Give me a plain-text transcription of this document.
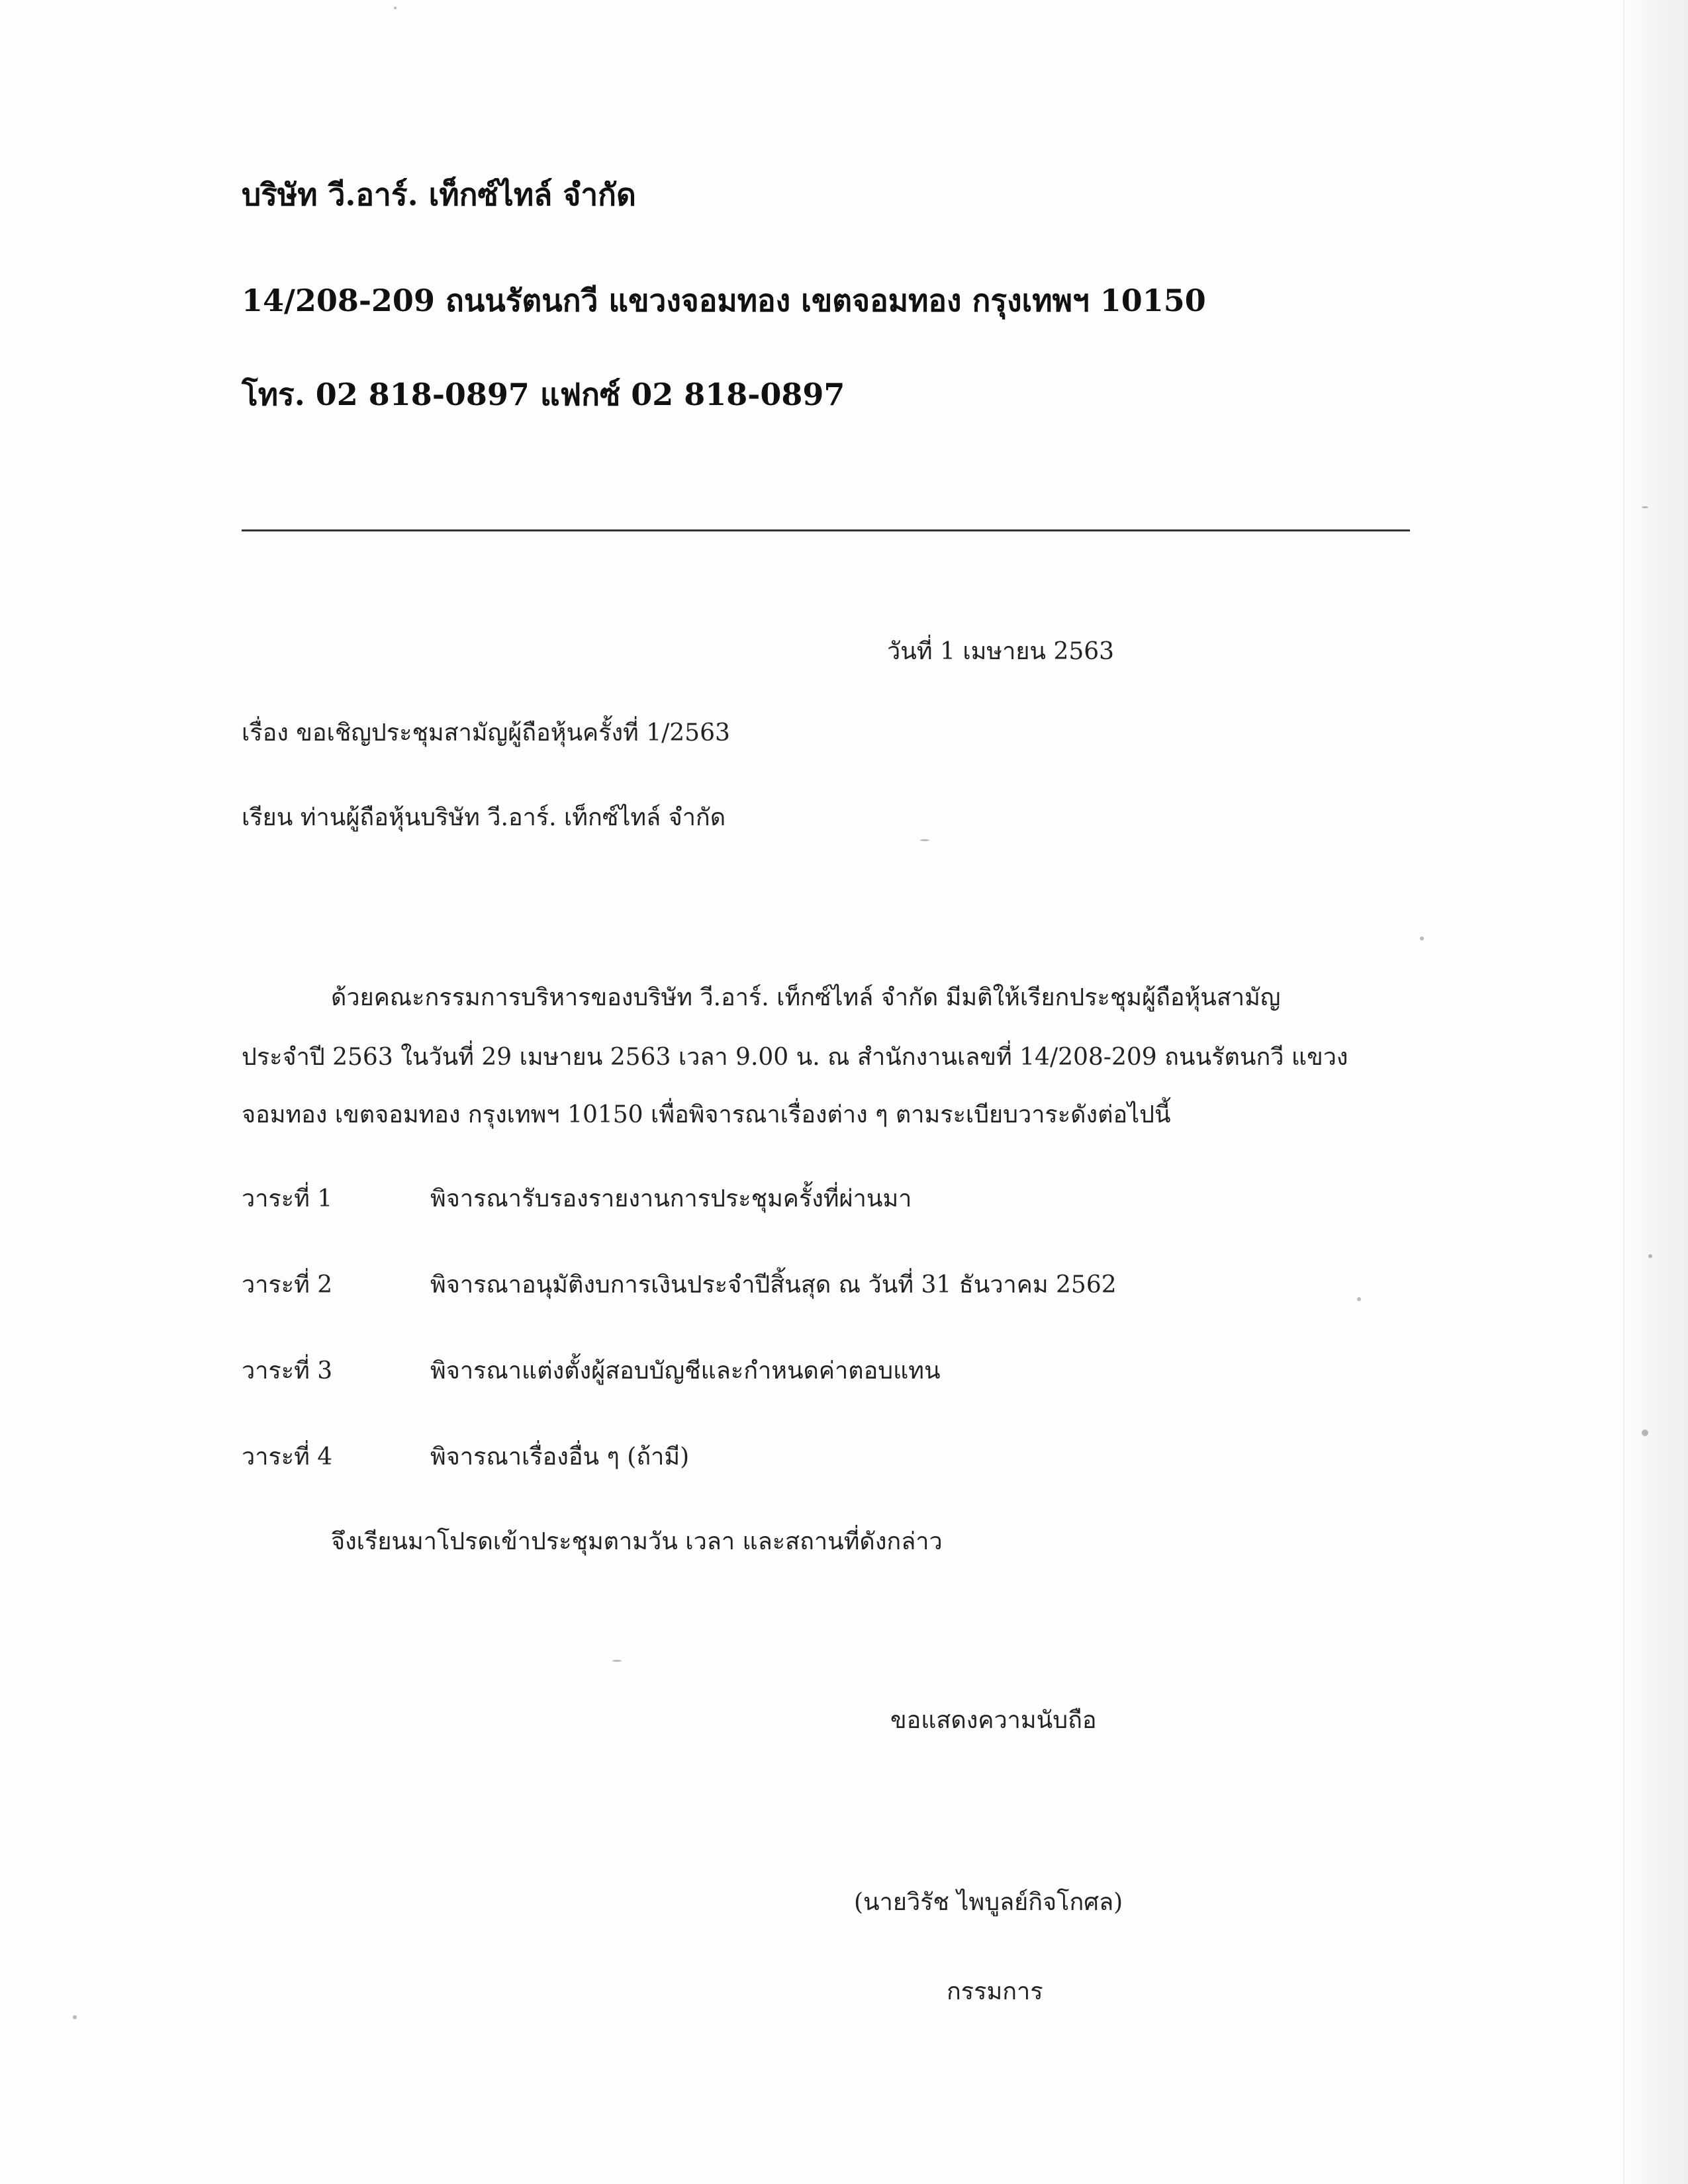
บริษัท วี.อาร์. เท็กซ์ไทล์ จำกัด
14/208-209 ถนนรัตนกวี แขวงจอมทอง เขตจอมทอง กรุงเทพฯ 10150
โทร. 02 818-0897 แฟกซ์ 02 818-0897
วันที่ 1 เมษายน 2563
เรื่อง ขอเชิญประชุมสามัญผู้ถือหุ้นครั้งที่ 1/2563
เรียน ท่านผู้ถือหุ้นบริษัท วี.อาร์. เท็กซ์ไทล์ จำกัด
ด้วยคณะกรรมการบริหารของบริษัท วี.อาร์. เท็กซ์ไทล์ จำกัด มีมติให้เรียกประชุมผู้ถือหุ้นสามัญ
ประจำปี 2563 ในวันที่ 29 เมษายน 2563 เวลา 9.00 น. ณ สำนักงานเลขที่ 14/208-209 ถนนรัตนกวี แขวง
จอมทอง เขตจอมทอง กรุงเทพฯ 10150 เพื่อพิจารณาเรื่องต่าง ๆ ตามระเบียบวาระดังต่อไปนี้
วาระที่ 1	พิจารณารับรองรายงานการประชุมครั้งที่ผ่านมา
วาระที่ 2	พิจารณาอนุมัติงบการเงินประจำปีสิ้นสุด ณ วันที่ 31 ธันวาคม 2562
วาระที่ 3	พิจารณาแต่งตั้งผู้สอบบัญชีและกำหนดค่าตอบแทน
วาระที่ 4	พิจารณาเรื่องอื่น ๆ (ถ้ามี)
จึงเรียนมาโปรดเข้าประชุมตามวัน เวลา และสถานที่ดังกล่าว
ขอแสดงความนับถือ
(นายวิรัช ไพบูลย์กิจโกศล)
กรรมการ
